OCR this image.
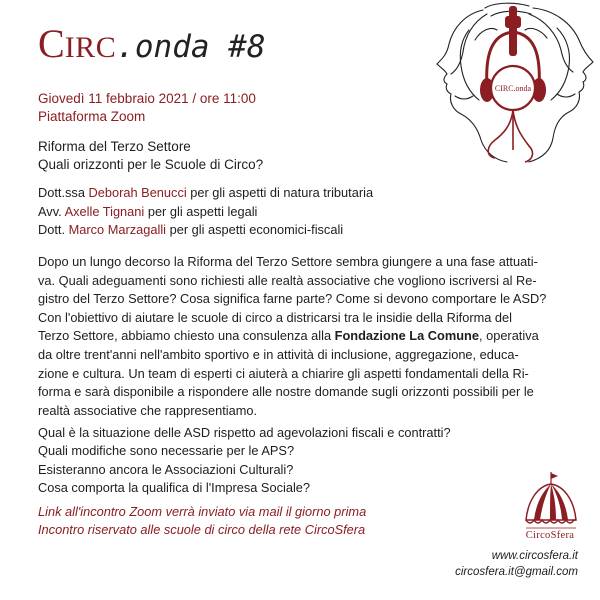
CIRC.onda #8
CIRC.onda
Giovedì 11 febbraio 2021 / ore 11:00
Piattaforma Zoom
Riforma del Terzo Settore
Quali orizzonti per le Scuole di Circo?
Dott.ssa Deborah Benucci per gli aspetti di natura tributaria
Avv. Axelle Tignani per gli aspetti legali
Dott. Marco Marzagalli per gli aspetti economici-fiscali

Dopo un lungo decorso la Riforma del Terzo Settore sembra giungere a una fase attuati-

va. Quali adeguamenti sono richiesti alle realtà associative che vogliono iscriversi al Re-

gistro del Terzo Settore? Cosa significa farne parte? Come si devono comportare le ASD?

Con l'obiettivo di aiutare le scuole di circo a districarsi tra le insidie della Riforma del

Terzo Settore, abbiamo chiesto una consulenza alla Fondazione La Comune, operativa

da oltre trent'anni nell'ambito sportivo e in attività di inclusione, aggregazione, educa-

zione e cultura. Un team di esperti ci aiuterà a chiarire gli aspetti fondamentali della Ri-

forma e sarà disponibile a rispondere alle nostre domande sugli orizzonti possibili per le

realtà associative che rappresentiamo.

Qual è la situazione delle ASD rispetto ad agevolazioni fiscali e contratti?
Quali modifiche sono necessarie per le APS?
Esisteranno ancora le Associazioni Culturali?
Cosa comporta la qualifica di l'Impresa Sociale?
Link all'incontro Zoom verrà inviato via mail il giorno prima
Incontro riservato alle scuole di circo della rete CircoSfera	CircoSfera
www.circosfera.it
circosfera.it@gmail.com
